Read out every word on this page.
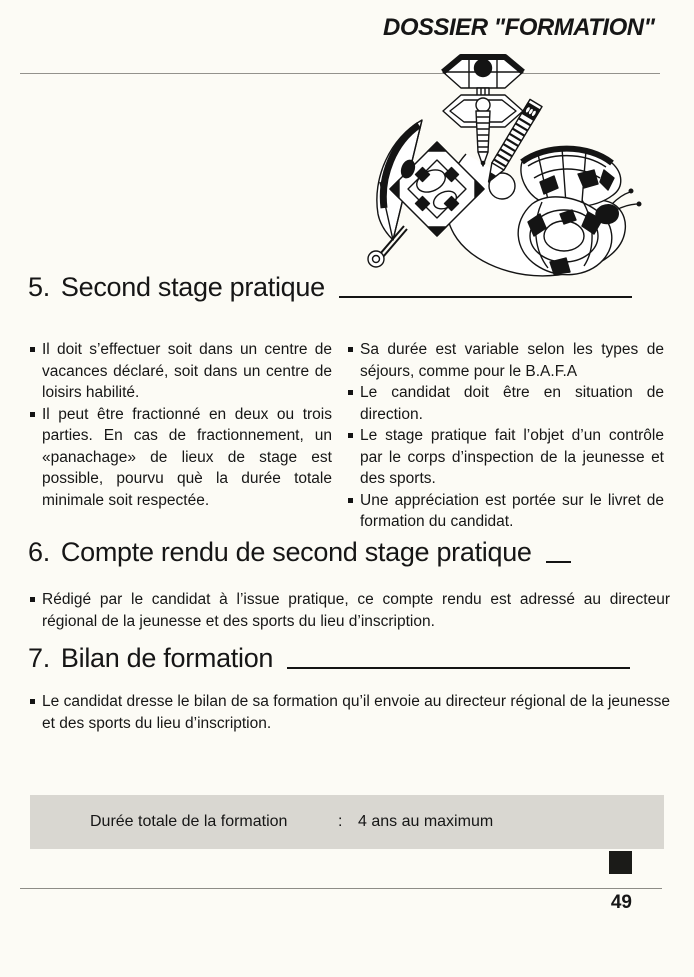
DOSSIER "FORMATION"
5. Second stage pratique
Il doit s’effectuer soit dans un centre de vacances déclaré, soit dans un centre de loisirs habilité.
Il peut être fractionné en deux ou trois parties. En cas de fractionnement, un «panachage» de lieux de stage est possible, pourvu què la durée totale minimale soit respectée.
Sa durée est variable selon les types de séjours, comme pour le B.A.F.A
Le candidat doit être en situation de direction.
Le stage pratique fait l’objet d’un contrôle par le corps d’inspection de la jeunesse et des sports.
Une appréciation est portée sur le livret de formation du candidat.
6. Compte rendu de second stage pratique
Rédigé par le candidat à l’issue pratique, ce compte rendu est adressé au directeur régional de la jeunesse et des sports du lieu d’inscription.
7. Bilan de formation
Le candidat dresse le bilan de sa formation qu’il envoie au directeur régional de la jeunesse et des sports du lieu d’inscription.
Durée totale de la formation	: 4 ans au maximum
49
